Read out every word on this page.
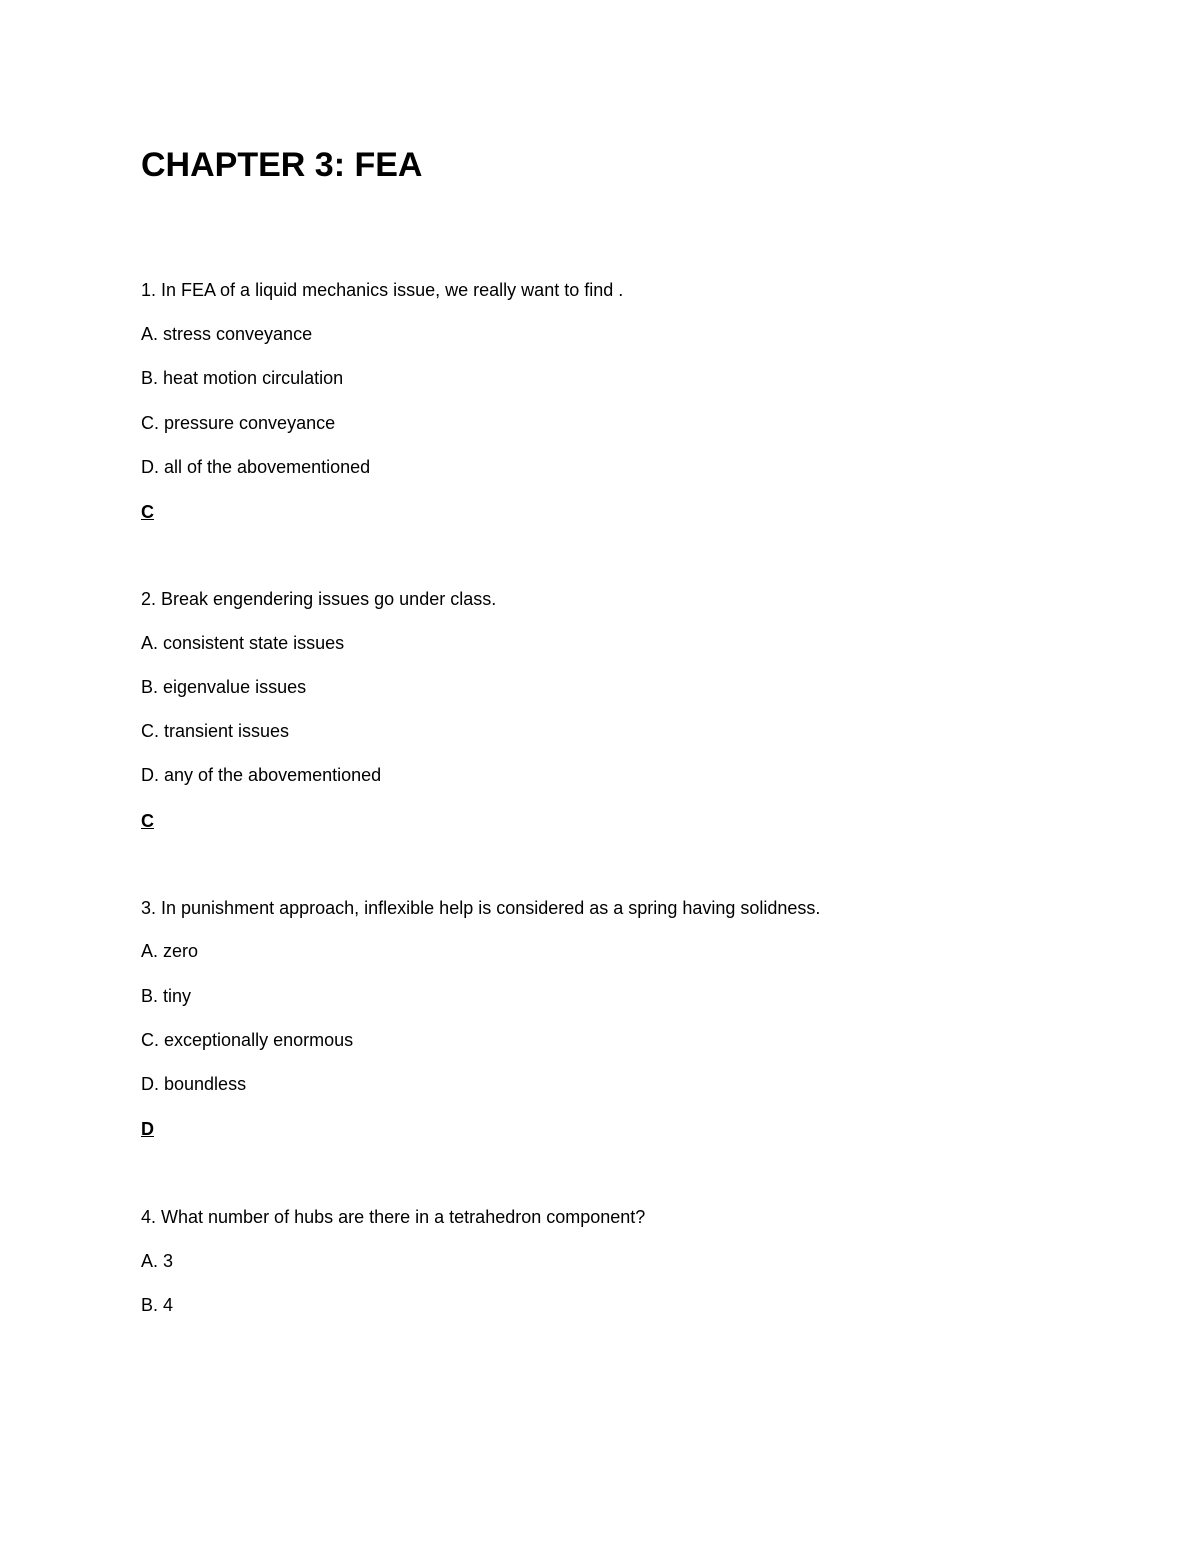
CHAPTER 3: FEA

1. In FEA of a liquid mechanics issue, we really want to find .

A. stress conveyance

B. heat motion circulation

C. pressure conveyance

D. all of the abovementioned

C

2. Break engendering issues go under class.

A. consistent state issues

B. eigenvalue issues

C. transient issues

D. any of the abovementioned

C

3. In punishment approach, inflexible help is considered as a spring having solidness.

A. zero

B. tiny

C. exceptionally enormous

D. boundless

D

4. What number of hubs are there in a tetrahedron component?

A. 3

B. 4
